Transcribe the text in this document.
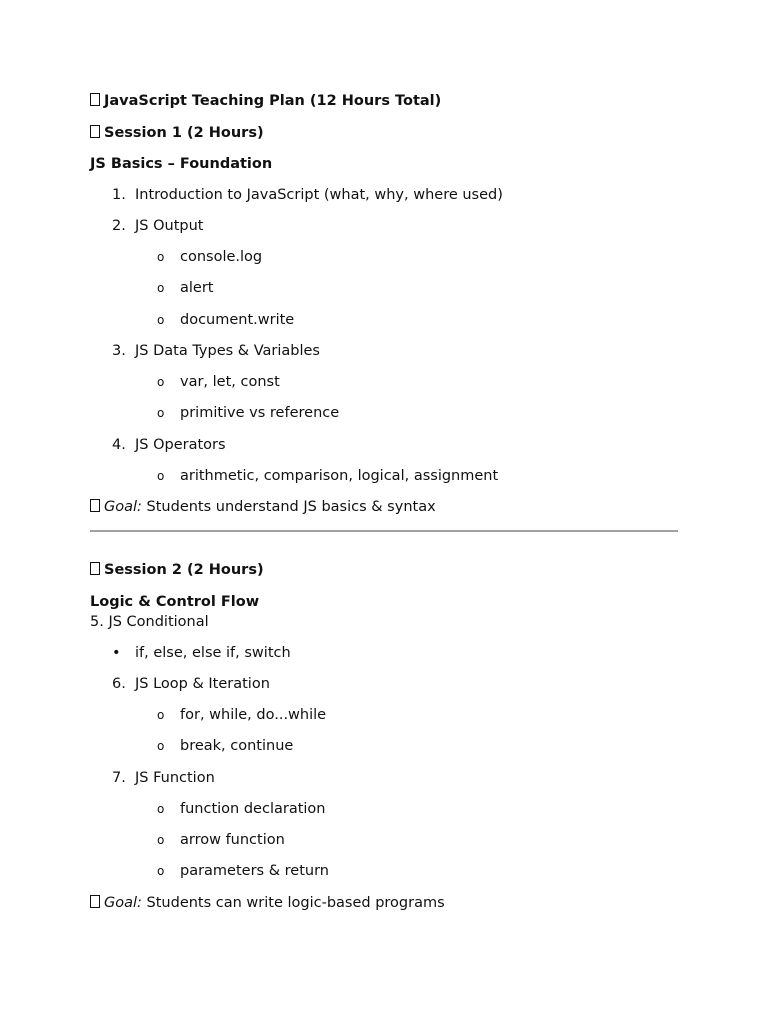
JavaScript Teaching Plan (12 Hours Total)
Session 1 (2 Hours)
JS Basics – Foundation
1. Introduction to JavaScript (what, why, where used)
2. JS Output
o console.log
o alert
o document.write
3. JS Data Types & Variables
o var, let, const
o primitive vs reference
4. JS Operators
o arithmetic, comparison, logical, assignment
Goal: Students understand JS basics & syntax
Session 2 (2 Hours)
Logic & Control Flow
5. JS Conditional
• if, else, else if, switch
6. JS Loop & Iteration
o for, while, do...while
o break, continue
7. JS Function
o function declaration
o arrow function
o parameters & return
Goal: Students can write logic-based programs
